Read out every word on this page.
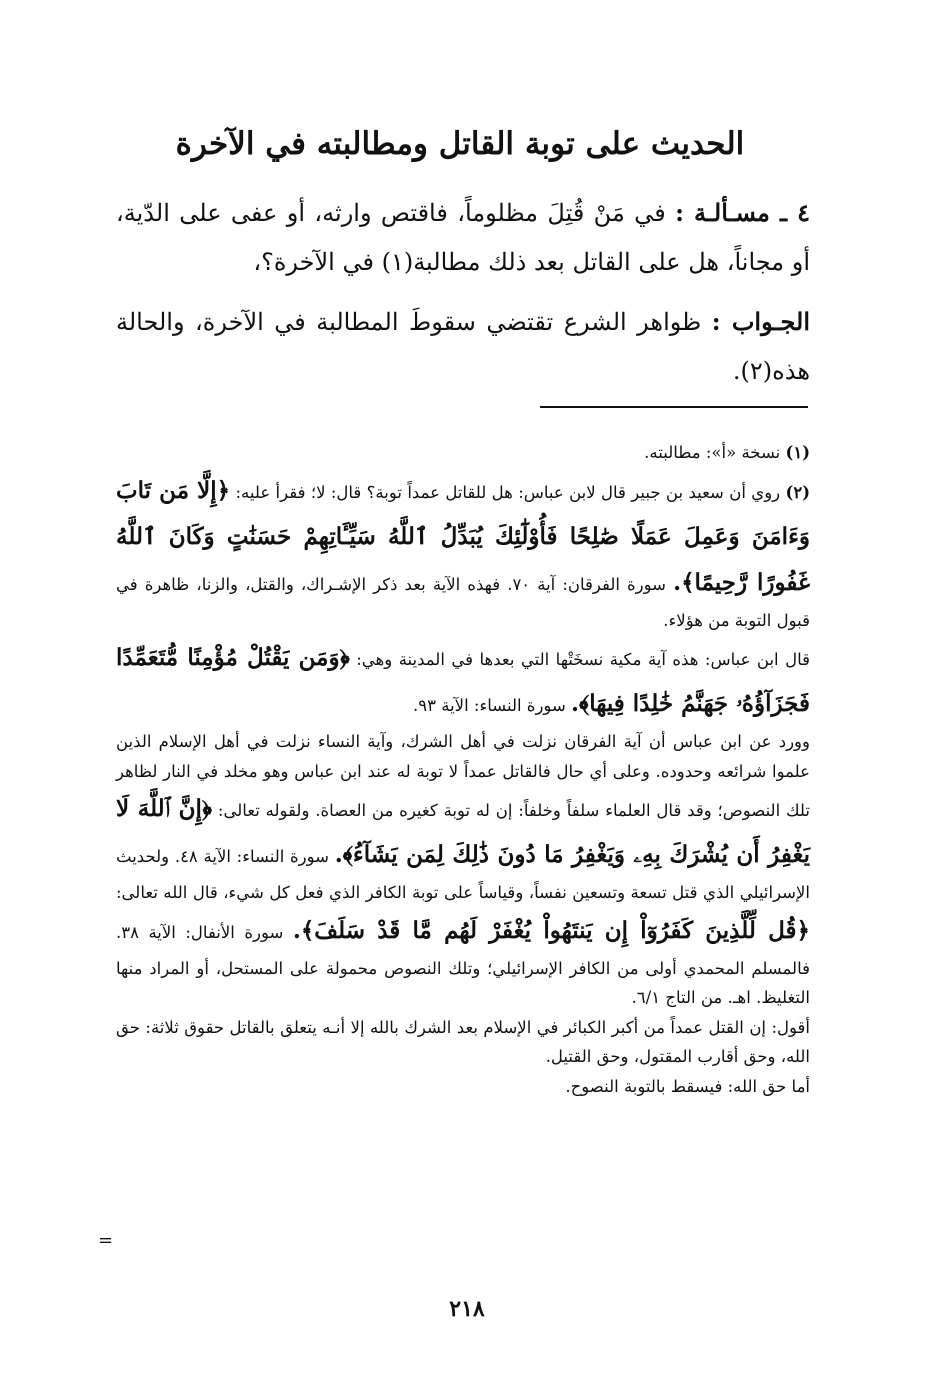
الحديث على توبة القاتل ومطالبته في الآخرة

٤ ـ مسـألـة : في مَنْ قُتِلَ مظلوماً، فاقتص وارثه، أو عفى على الدّية، أو مجاناً، هل على القاتل بعد ذلك مطالبة(١) في الآخرة؟،

الجـواب : ظواهر الشرع تقتضي سقوطَ المطالبة في الآخرة، والحالة هذه(٢).

(١) نسخة «أ»: مطالبته.

(٢) روي أن سعيد بن جبير قال لابن عباس: هل للقاتل عمداً توبة؟ قال: لا؛ فقرأ عليه: ﴿إِلَّا مَن تَابَ وَءَامَنَ وَعَمِلَ عَمَلًا صَٰلِحًا فَأُوْلَٰٓئِكَ يُبَدِّلُ ٱللَّهُ سَيِّـَٔاتِهِمْ حَسَنَٰتٍ وَكَانَ ٱللَّهُ غَفُورًا رَّحِيمًا﴾. سورة الفرقان: آية ٧٠. فهذه الآية بعد ذكر الإشـراك، والقتل، والزنا، ظاهرة في قبول التوبة من هؤلاء.

قال ابن عباس: هذه آية مكية نسخَتْها التي بعدها في المدينة وهي: ﴿وَمَن يَقْتُلْ مُؤْمِنًا مُّتَعَمِّدًا فَجَزَآؤُهُۥ جَهَنَّمُ خَٰلِدًا فِيهَا﴾. سورة النساء: الآية ٩٣.

وورد عن ابن عباس أن آية الفرقان نزلت في أهل الشرك، وآية النساء نزلت في أهل الإسلام الذين علموا شرائعه وحدوده. وعلى أي حال فالقاتل عمداً لا توبة له عند ابن عباس وهو مخلد في النار لظاهر تلك النصوص؛ وقد قال العلماء سلفاً وخلفاً: إن له توبة كغيره من العصاة. ولقوله تعالى: ﴿إِنَّ ٱللَّهَ لَا يَغْفِرُ أَن يُشْرَكَ بِهِۦ وَيَغْفِرُ مَا دُونَ ذَٰلِكَ لِمَن يَشَآءُ﴾. سورة النساء: الآية ٤٨. ولحديث الإسرائيلي الذي قتل تسعة وتسعين نفساً، وقياساً على توبة الكافر الذي فعل كل شيء، قال الله تعالى: ﴿قُل لِّلَّذِينَ كَفَرُوٓاْ إِن يَنتَهُواْ يُغْفَرْ لَهُم مَّا قَدْ سَلَفَ﴾. سورة الأنفال: الآية ٣٨. فالمسلم المحمدي أولى من الكافر الإسرائيلي؛ وتلك النصوص محمولة على المستحل، أو المراد منها التغليظ. اهـ. من التاج ٦/١.

أقول: إن القتل عمداً من أكبر الكبائر في الإسلام بعد الشرك بالله إلا أنـه يتعلق بالقاتل حقوق ثلاثة: حق الله، وحق أقارب المقتول، وحق القتيل.

أما حق الله: فيسقط بالتوبة النصوح.

=
٢١٨
